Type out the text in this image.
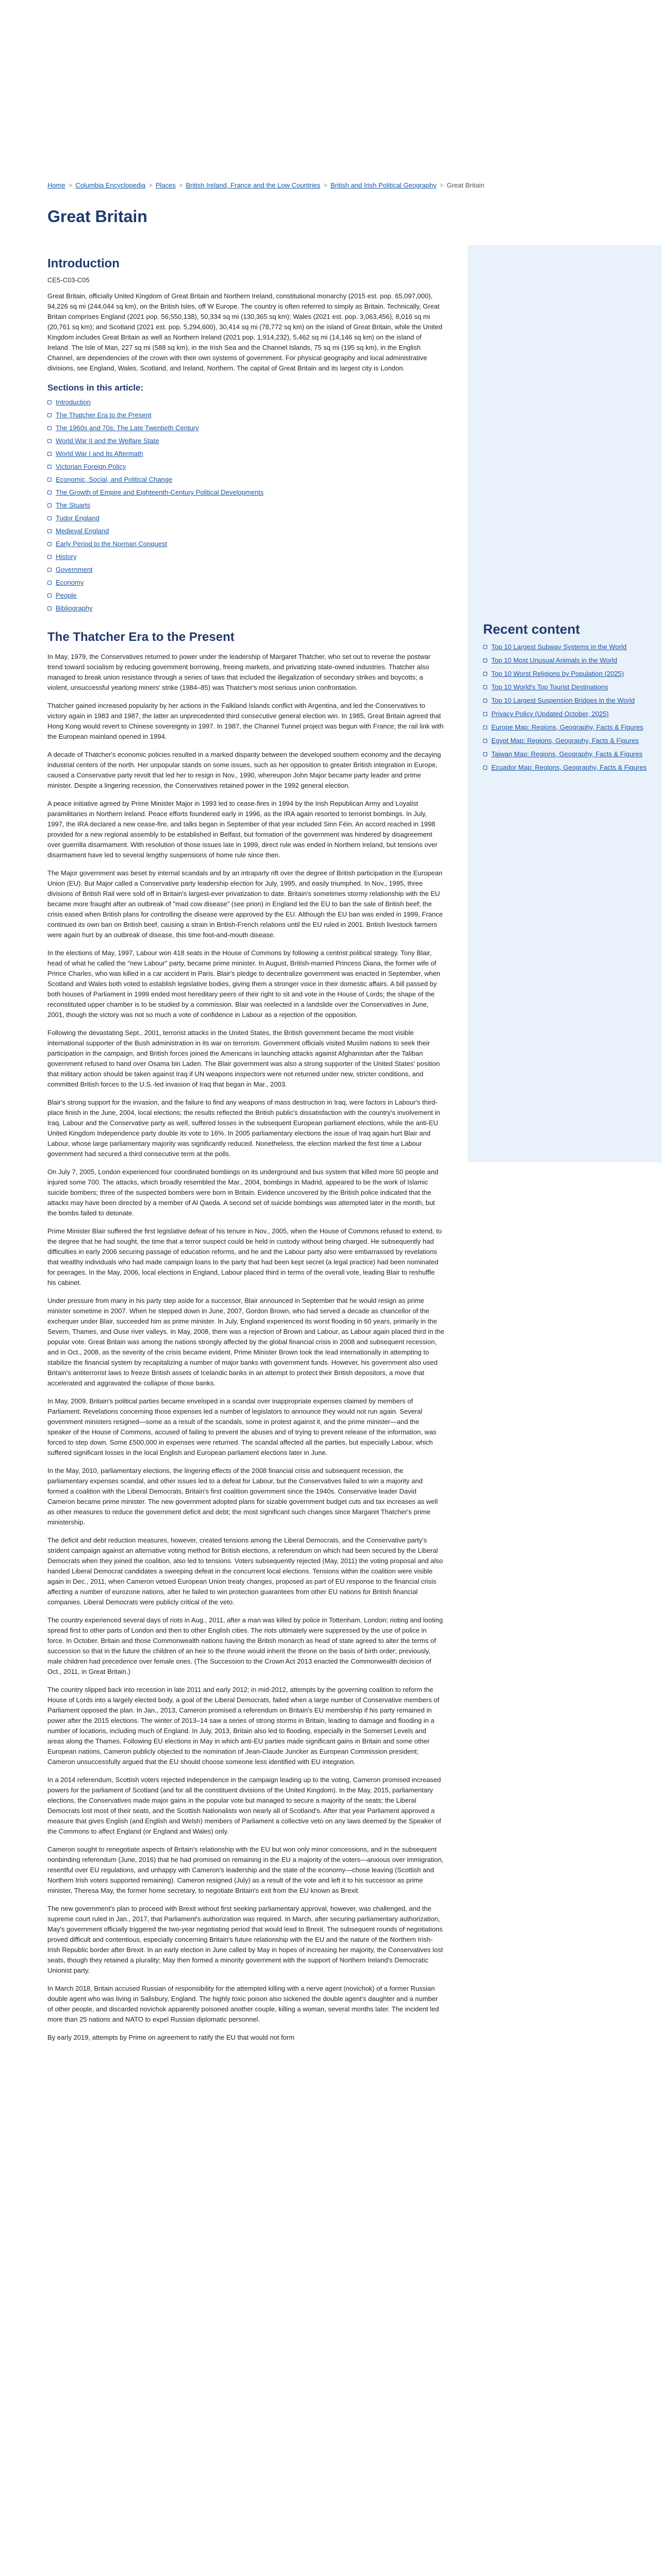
Home > Columbia Encyclopedia > Places > British Ireland, France and the Low Countries > British and Irish Political Geography > Great Britain
Great Britain
Recent content
Top 10 Largest Subway Systems in the World
Top 10 Most Unusual Animals in the World
Top 10 Worst Religions by Population (2025)
Top 10 World's Top Tourist Destinations
Top 10 Largest Suspension Bridges in the World
Privacy Policy (Updated October, 2025)
Europe Map: Regions, Geography, Facts & Figures
Egypt Map: Regions, Geography, Facts & Figures
Taiwan Map: Regions, Geography, Facts & Figures
Ecuador Map: Regions, Geography, Facts & Figures
Introduction
CE5-C03-C05

Great Britain, officially United Kingdom of Great Britain and Northern Ireland, constitutional monarchy (2015 est. pop. 65,097,000), 94,226 sq mi (244,044 sq km), on the British Isles, off W Europe. The country is often referred to simply as Britain. Technically, Great Britain comprises England (2021 pop. 56,550,138), 50,334 sq mi (130,365 sq km); Wales (2021 est. pop. 3,063,456), 8,016 sq mi (20,761 sq km); and Scotland (2021 est. pop. 5,294,600), 30,414 sq mi (78,772 sq km) on the island of Great Britain, while the United Kingdom includes Great Britain as well as Northern Ireland (2021 pop. 1,914,232), 5,462 sq mi (14,146 sq km) on the island of Ireland. The Isle of Man, 227 sq mi (588 sq km), in the Irish Sea and the Channel Islands, 75 sq mi (195 sq km), in the English Channel, are dependencies of the crown with their own systems of government. For physical geography and local administrative divisions, see England, Wales, Scotland, and Ireland, Northern. The capital of Great Britain and its largest city is London.

Sections in this article:
Introduction
The Thatcher Era to the Present
The 1960s and 70s: The Late Twentieth Century
World War II and the Welfare State
World War I and Its Aftermath
Victorian Foreign Policy
Economic, Social, and Political Change
The Growth of Empire and Eighteenth-Century Political Developments
The Stuarts
Tudor England
Medieval England
Early Period to the Norman Conquest
History
Government
Economy
People
Bibliography
The Thatcher Era to the Present

In May, 1979, the Conservatives returned to power under the leadership of Margaret Thatcher, who set out to reverse the postwar trend toward socialism by reducing government borrowing, freeing markets, and privatizing state-owned industries. Thatcher also managed to break union resistance through a series of laws that included the illegalization of secondary strikes and boycotts; a violent, unsuccessful yearlong miners' strike (1984–85) was Thatcher's most serious union confrontation.

Thatcher gained increased popularity by her actions in the Falkland Islands conflict with Argentina, and led the Conservatives to victory again in 1983 and 1987, the latter an unprecedented third consecutive general election win. In 1985, Great Britain agreed that Hong Kong would revert to Chinese sovereignty in 1997. In 1987, the Channel Tunnel project was begun with France; the rail link with the European mainland opened in 1994.

A decade of Thatcher's economic policies resulted in a marked disparity between the developed southern economy and the decaying industrial centers of the north. Her unpopular stands on some issues, such as her opposition to greater British integration in Europe, caused a Conservative party revolt that led her to resign in Nov., 1990, whereupon John Major became party leader and prime minister. Despite a lingering recession, the Conservatives retained power in the 1992 general election.

A peace initiative agreed by Prime Minister Major in 1993 led to cease-fires in 1994 by the Irish Republican Army and Loyalist paramilitaries in Northern Ireland. Peace efforts foundered early in 1996, as the IRA again resorted to terrorist bombings. In July, 1997, the IRA declared a new cease-fire, and talks began in September of that year included Sinn Féin. An accord reached in 1998 provided for a new regional assembly to be established in Belfast, but formation of the government was hindered by disagreement over guerrilla disarmament. With resolution of those issues late in 1999, direct rule was ended in Northern Ireland, but tensions over disarmament have led to several lengthy suspensions of home rule since then.

The Major government was beset by internal scandals and by an intraparty rift over the degree of British participation in the European Union (EU). But Major called a Conservative party leadership election for July, 1995, and easily triumphed. In Nov., 1995, three divisions of British Rail were sold off in Britain's largest-ever privatization to date. Britain's sometimes stormy relationship with the EU became more fraught after an outbreak of "mad cow disease" (see prion) in England led the EU to ban the sale of British beef; the crisis eased when British plans for controlling the disease were approved by the EU. Although the EU ban was ended in 1999, France continued its own ban on British beef, causing a strain in British-French relations until the EU ruled in 2001. British livestock farmers were again hurt by an outbreak of disease, this time foot-and-mouth disease.

In the elections of May, 1997, Labour won 418 seats in the House of Commons by following a centrist political strategy. Tony Blair, head of what he called the "new Labour" party, became prime minister. In August, British-married Princess Diana, the former wife of Prince Charles, who was killed in a car accident in Paris. Blair's pledge to decentralize government was enacted in September, when Scotland and Wales both voted to establish legislative bodies, giving them a stronger voice in their domestic affairs. A bill passed by both houses of Parliament in 1999 ended most hereditary peers of their right to sit and vote in the House of Lords; the shape of the reconstituted upper chamber is to be studied by a commission. Blair was reelected in a landslide over the Conservatives in June, 2001, though the victory was not so much a vote of confidence in Labour as a rejection of the opposition.

Following the devastating Sept., 2001, terrorist attacks in the United States, the British government became the most visible international supporter of the Bush administration in its war on terrorism. Government officials visited Muslim nations to seek their participation in the campaign, and British forces joined the Americans in launching attacks against Afghanistan after the Taliban government refused to hand over Osama bin Laden. The Blair government was also a strong supporter of the United States' position that military action should be taken against Iraq if UN weapons inspectors were not returned under new, stricter conditions, and committed British forces to the U.S.-led invasion of Iraq that began in Mar., 2003.

Blair's strong support for the invasion, and the failure to find any weapons of mass destruction in Iraq, were factors in Labour's third-place finish in the June, 2004, local elections; the results reflected the British public's dissatisfaction with the country's involvement in Iraq. Labour and the Conservative party as well, suffered losses in the subsequent European parliament elections, while the anti-EU United Kingdom Independence party double its vote to 16%. In 2005 parliamentary elections the issue of Iraq again hurt Blair and Labour, whose large parliamentary majority was significantly reduced. Nonetheless, the election marked the first time a Labour government had secured a third consecutive term at the polls.

On July 7, 2005, London experienced four coordinated bombings on its underground and bus system that killed more 50 people and injured some 700. The attacks, which broadly resembled the Mar., 2004, bombings in Madrid, appeared to be the work of Islamic suicide bombers; three of the suspected bombers were born in Britain. Evidence uncovered by the British police indicated that the attacks may have been directed by a member of Al Qaeda. A second set of suicide bombings was attempted later in the month, but the bombs failed to detonate.

Prime Minister Blair suffered the first legislative defeat of his tenure in Nov., 2005, when the House of Commons refused to extend, to the degree that he had sought, the time that a terror suspect could be held in custody without being charged. He subsequently had difficulties in early 2006 securing passage of education reforms, and he and the Labour party also were embarrassed by revelations that wealthy individuals who had made campaign loans to the party that had been kept secret (a legal practice) had been nominated for peerages. In the May, 2006, local elections in England, Labour placed third in terms of the overall vote, leading Blair to reshuffle his cabinet.

Under pressure from many in his party step aside for a successor, Blair announced in September that he would resign as prime minister sometime in 2007. When he stepped down in June, 2007, Gordon Brown, who had served a decade as chancellor of the exchequer under Blair, succeeded him as prime minister. In July, England experienced its worst flooding in 60 years, primarily in the Severn, Thames, and Ouse river valleys. In May, 2008, there was a rejection of Brown and Labour, as Labour again placed third in the popular vote. Great Britain was among the nations strongly affected by the global financial crisis in 2008 and subsequent recession, and in Oct., 2008, as the severity of the crisis became evident, Prime Minister Brown took the lead internationally in attempting to stabilize the financial system by recapitalizing a number of major banks with government funds. However, his government also used Britain's antiterrorist laws to freeze British assets of Icelandic banks in an attempt to protect their British depositors, a move that accelerated and aggravated the collapse of those banks.

In May, 2009, Britain's political parties became enveloped in a scandal over inappropriate expenses claimed by members of Parliament. Revelations concerning those expenses led a number of legislators to announce they would not run again. Several government ministers resigned—some as a result of the scandals, some in protest against it, and the prime minister—and the speaker of the House of Commons, accused of failing to prevent the abuses and of trying to prevent release of the information, was forced to step down. Some £500,000 in expenses were returned. The scandal affected all the parties, but especially Labour, which suffered significant losses in the local English and European parliament elections later in June.

In the May, 2010, parliamentary elections, the lingering effects of the 2008 financial crisis and subsequent recession, the parliamentary expenses scandal, and other issues led to a defeat for Labour, but the Conservatives failed to win a majority and formed a coalition with the Liberal Democrats, Britain's first coalition government since the 1940s. Conservative leader David Cameron became prime minister. The new government adopted plans for sizable government budget cuts and tax increases as well as other measures to reduce the government deficit and debt; the most significant such changes since Margaret Thatcher's prime ministership.

The deficit and debt reduction measures, however, created tensions among the Liberal Democrats, and the Conservative party's strident campaign against an alternative voting method for British elections, a referendum on which had been secured by the Liberal Democrats when they joined the coalition, also led to tensions. Voters subsequently rejected (May, 2011) the voting proposal and also handed Liberal Democrat candidates a sweeping defeat in the concurrent local elections. Tensions within the coalition were visible again in Dec., 2011, when Cameron vetoed European Union treaty changes, proposed as part of EU response to the financial crisis affecting a number of eurozone nations, after he failed to win protection guarantees from other EU nations for British financial companies. Liberal Democrats were publicly critical of the veto.

The country experienced several days of riots in Aug., 2011, after a man was killed by police in Tottenham, London; rioting and looting spread first to other parts of London and then to other English cities. The riots ultimately were suppressed by the use of police in force. In October, Britain and those Commonwealth nations having the British monarch as head of state agreed to alter the terms of succession so that in the future the children of an heir to the throne would inherit the throne on the basis of birth order; previously, male children had precedence over female ones. (The Succession to the Crown Act 2013 enacted the Commonwealth decision of Oct., 2011, in Great Britain.)

The country slipped back into recession in late 2011 and early 2012; in mid-2012, attempts by the governing coalition to reform the House of Lords into a largely elected body, a goal of the Liberal Democrats, failed when a large number of Conservative members of Parliament opposed the plan. In Jan., 2013, Cameron promised a referendum on Britain's EU membership if his party remained in power after the 2015 elections. The winter of 2013–14 saw a series of strong storms in Britain, leading to damage and flooding in a number of locations, including much of England. In July, 2013, Britain also led to flooding, especially in the Somerset Levels and areas along the Thames. Following EU elections in May in which anti-EU parties made significant gains in Britain and some other European nations, Cameron publicly objected to the nomination of Jean-Claude Juncker as European Commission president; Cameron unsuccessfully argued that the EU should choose someone less identified with EU integration.

In a 2014 referendum, Scottish voters rejected independence in the campaign leading up to the voting, Cameron promised increased powers for the parliament of Scotland (and for all the constituent divisions of the United Kingdom). In the May, 2015, parliamentary elections, the Conservatives made major gains in the popular vote but managed to secure a majority of the seats; the Liberal Democrats lost most of their seats, and the Scottish Nationalists won nearly all of Scotland's. After that year Parliament approved a measure that gives English (and English and Welsh) members of Parliament a collective veto on any laws deemed by the Speaker of the Commons to affect England (or England and Wales) only.

Cameron sought to renegotiate aspects of Britain's relationship with the EU but won only minor concessions, and in the subsequent nonbinding referendum (June, 2016) that he had promised on remaining in the EU a majority of the voters—anxious over immigration, resentful over EU regulations, and unhappy with Cameron's leadership and the state of the economy—chose leaving (Scottish and Northern Irish voters supported remaining). Cameron resigned (July) as a result of the vote and left it to his successor as prime minister, Theresa May, the former home secretary, to negotiate Britain's exit from the EU known as Brexit.

The new government's plan to proceed with Brexit without first seeking parliamentary approval, however, was challenged, and the supreme court ruled in Jan., 2017, that Parliament's authorization was required. In March, after securing parliamentary authorization, May's government officially triggered the two-year negotiating period that would lead to Brexit. The subsequent rounds of negotiations proved difficult and contentious, especially concerning Britain's future relationship with the EU and the nature of the Northern Irish-Irish Republic border after Brexit. In an early election in June called by May in hopes of increasing her majority, the Conservatives lost seats, though they retained a plurality; May then formed a minority government with the support of Northern Ireland's Democratic Unionist party.

In March 2018, Britain accused Russian of responsibility for the attempted killing with a nerve agent (novichok) of a former Russian double agent who was living in Salisbury, England. The highly toxic poison also sickened the double agent's daughter and a number of other people, and discarded novichok apparently poisoned another couple, killing a woman, several months later. The incident led more than 25 nations and NATO to expel Russian diplomatic personnel.

By early 2019, attempts by Prime on agreement to ratify the EU that would not form
